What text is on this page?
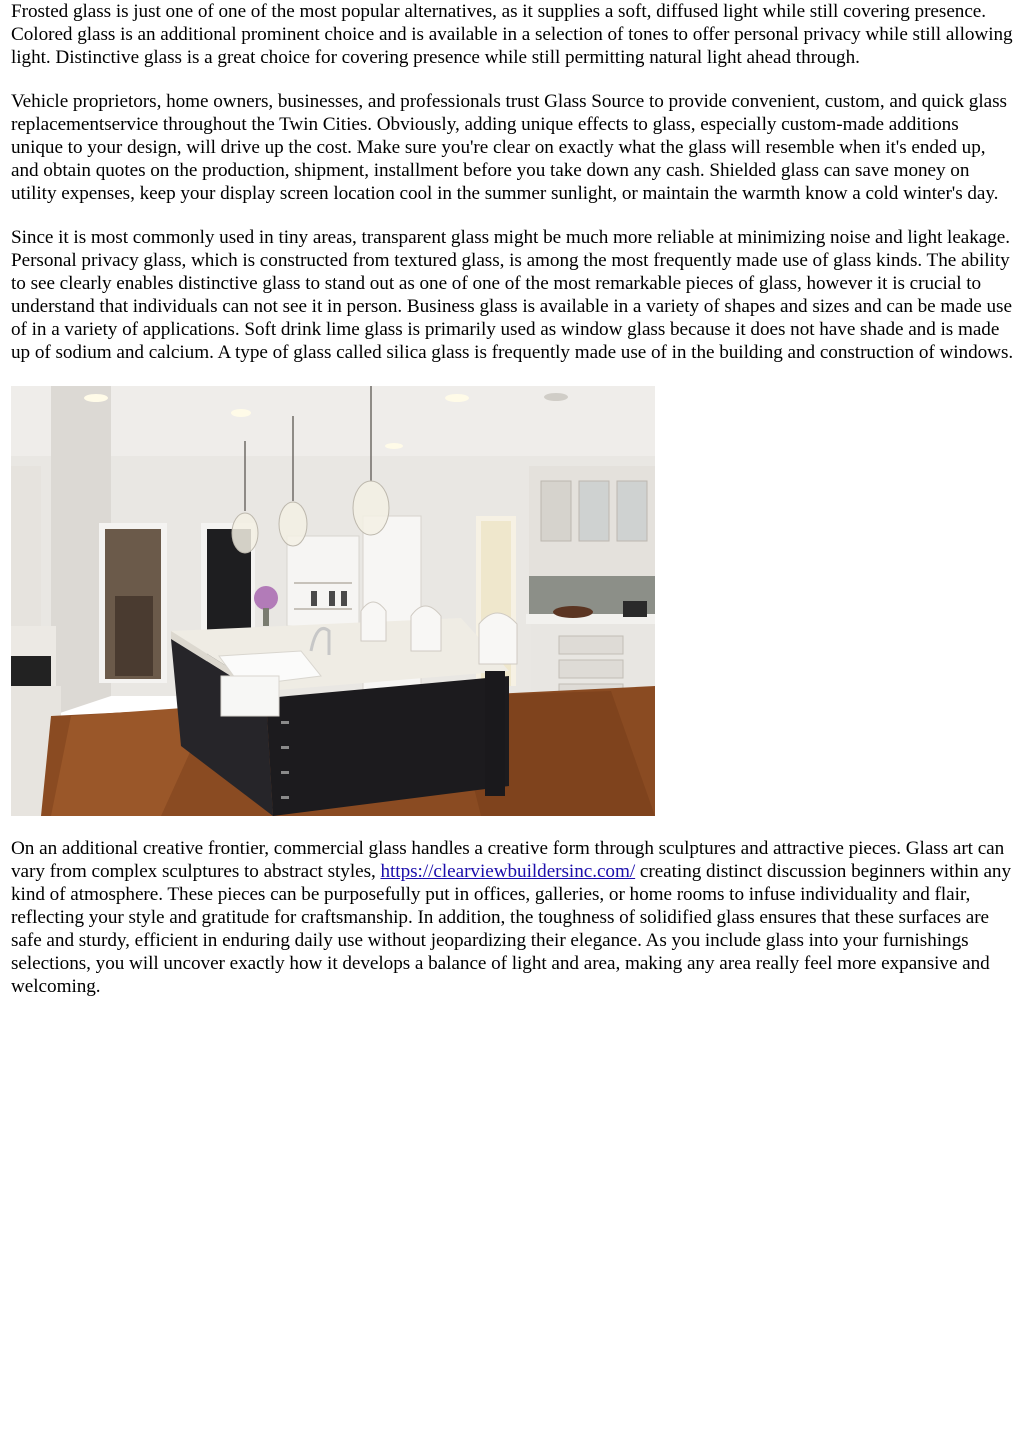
Frosted glass is just one of one of the most popular alternatives, as it supplies a soft, diffused light while still covering presence. Colored glass is an additional prominent choice and is available in a selection of tones to offer personal privacy while still allowing light. Distinctive glass is a great choice for covering presence while still permitting natural light ahead through.

Vehicle proprietors, home owners, businesses, and professionals trust Glass Source to provide convenient, custom, and quick glass replacementservice throughout the Twin Cities. Obviously, adding unique effects to glass, especially custom-made additions unique to your design, will drive up the cost. Make sure you're clear on exactly what the glass will resemble when it's ended up, and obtain quotes on the production, shipment, installment before you take down any cash. Shielded glass can save money on utility expenses, keep your display screen location cool in the summer sunlight, or maintain the warmth know a cold winter's day.

Since it is most commonly used in tiny areas, transparent glass might be much more reliable at minimizing noise and light leakage. Personal privacy glass, which is constructed from textured glass, is among the most frequently made use of glass kinds. The ability to see clearly enables distinctive glass to stand out as one of one of the most remarkable pieces of glass, however it is crucial to understand that individuals can not see it in person. Business glass is available in a variety of shapes and sizes and can be made use of in a variety of applications. Soft drink lime glass is primarily used as window glass because it does not have shade and is made up of sodium and calcium. A type of glass called silica glass is frequently made use of in the building and construction of windows.

On an additional creative frontier, commercial glass handles a creative form through sculptures and attractive pieces. Glass art can vary from complex sculptures to abstract styles, https://clearviewbuildersinc.com/ creating distinct discussion beginners within any kind of atmosphere. These pieces can be purposefully put in offices, galleries, or home rooms to infuse individuality and flair, reflecting your style and gratitude for craftsmanship. In addition, the toughness of solidified glass ensures that these surfaces are safe and sturdy, efficient in enduring daily use without jeopardizing their elegance. As you include glass into your furnishings selections, you will uncover exactly how it develops a balance of light and area, making any area really feel more expansive and welcoming.
